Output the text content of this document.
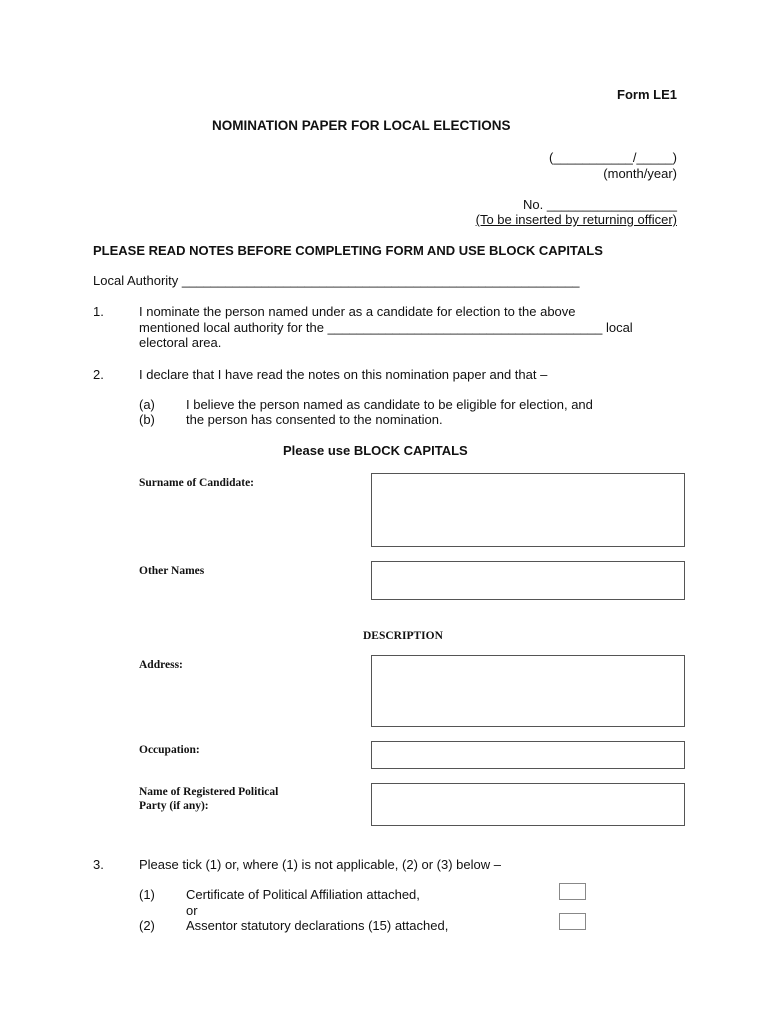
Form LE1
NOMINATION PAPER FOR LOCAL ELECTIONS
(___________/_____)
(month/year)
No. __________________
(To be inserted by returning officer)
PLEASE READ NOTES BEFORE COMPLETING FORM AND USE BLOCK CAPITALS
Local Authority _______________________________________________________
1.	I nominate the person named under as a candidate for election to the above
mentioned local authority for the ______________________________________ local
electoral area.
2.	I declare that I have read the notes on this nomination paper and that –
(a) I believe the person named as candidate to be eligible for election, and
(b) the person has consented to the nomination.
Please use BLOCK CAPITALS
Surname of Candidate:
Other Names
DESCRIPTION
Address:
Occupation:
Name of Registered Political
Party (if any):
3.	Please tick (1) or, where (1) is not applicable, (2) or (3) below –
(1) Certificate of Political Affiliation attached,
or
(2) Assentor statutory declarations (15) attached,
